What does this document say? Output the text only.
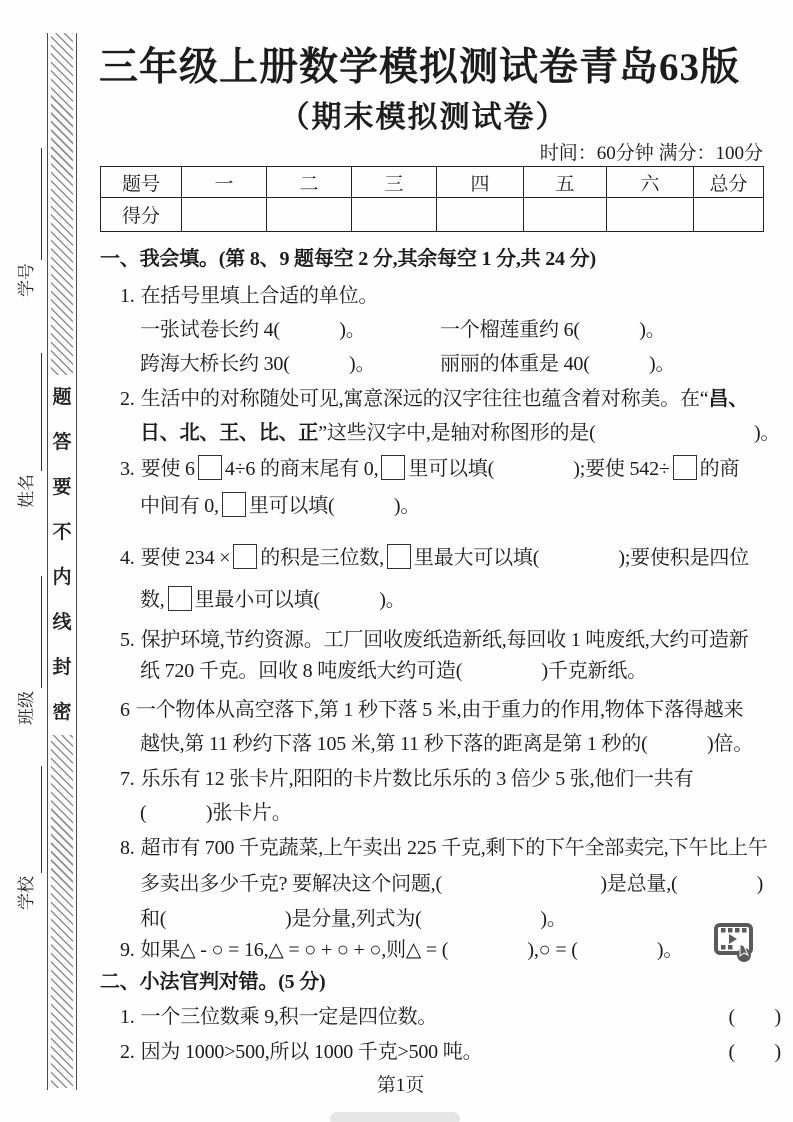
学号
姓名
班级
学校
题
答
要
不
内
线
封
密
三年级上册数学模拟测试卷青岛63版
（期末模拟测试卷）
时间：60分钟 满分：100分
题号	一	二	三	四	五	六	总分
得分							
一、我会填。(第 8、9 题每空 2 分,其余每空 1 分,共 24 分)
1. 在括号里填上合适的单位。
一张试卷长约 4(　　　)。	一个榴莲重约 6(　　　)。
跨海大桥长约 30(　　　)。	丽丽的体重是 40(　　　)。
2. 生活中的对称随处可见,寓意深远的汉字往往也蕴含着对称美。在“昌、
日、北、王、比、正”这些汉字中,是轴对称图形的是(　　　　　　　　)。
3. 要使 6 4÷6 的商末尾有 0, 里可以填(　　　　);要使 542÷ 的商
中间有 0, 里可以填(　　　)。
4. 要使 234 × 的积是三位数, 里最大可以填(　　　　);要使积是四位
数, 里最小可以填(　　　)。
5. 保护环境,节约资源。工厂回收废纸造新纸,每回收 1 吨废纸,大约可造新
纸 720 千克。回收 8 吨废纸大约可造(　　　　)千克新纸。
6 一个物体从高空落下,第 1 秒下落 5 米,由于重力的作用,物体下落得越来
越快,第 11 秒约下落 105 米,第 11 秒下落的距离是第 1 秒的(　　　)倍。
7. 乐乐有 12 张卡片,阳阳的卡片数比乐乐的 3 倍少 5 张,他们一共有
(　　　)张卡片。
8. 超市有 700 千克蔬菜,上午卖出 225 千克,剩下的下午全部卖完,下午比上午
多卖出多少千克? 要解决这个问题,(　　　　　　　　)是总量,(　　　　)
和(　　　　　　)是分量,列式为(　　　　　　)。
9. 如果△ - ○ = 16,△ = ○ + ○ + ○,则△ = (　　　　),○ = (　　　　)。
二、小法官判对错。(5 分)
1. 一个三位数乘 9,积一定是四位数。	(　　)
2. 因为 1000>500,所以 1000 千克>500 吨。	(　　)
第1页
